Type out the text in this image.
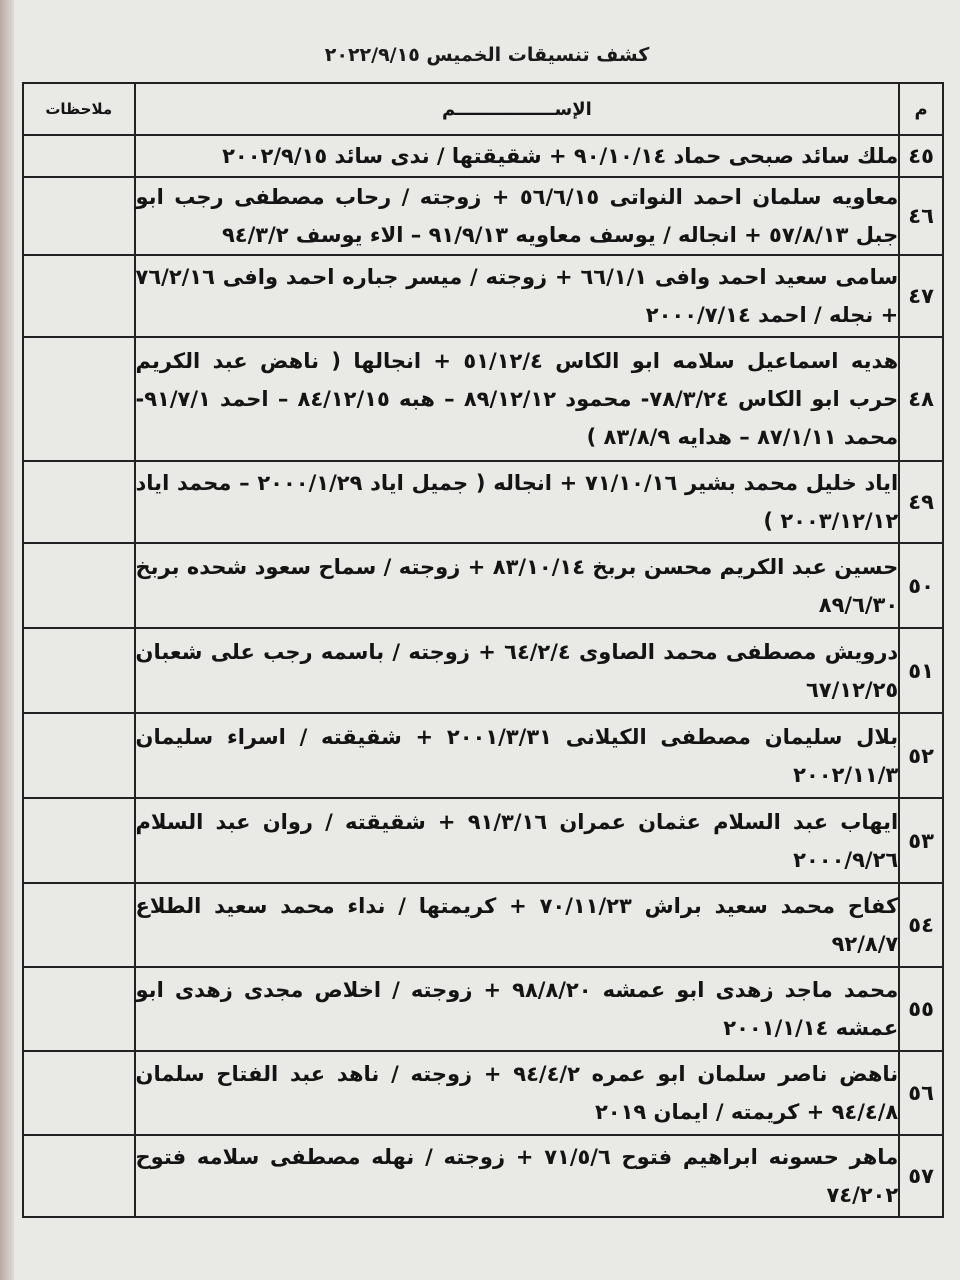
كشف تنسيقات الخميس ٢٠٢٢/٩/١٥
م	الإســــــــــــــــم	ملاحظات
٤٥	ملك سائد صبحى حماد ٩٠/١٠/١٤ + شقيقتها / ندى سائد ٢٠٠٢/٩/١٥	
٤٦	معاويه سلمان احمد النواتى ٥٦/٦/١٥ + زوجته / رحاب مصطفى رجب ابو جبل ٥٧/٨/١٣ + انجاله / يوسف معاويه ٩١/٩/١٣ – الاء يوسف ٩٤/٣/٢	
٤٧	سامى سعيد احمد وافى ٦٦/١/١ + زوجته / ميسر جباره احمد وافى ٧٦/٢/١٦ + نجله / احمد ٢٠٠٠/٧/١٤	
٤٨	هديه اسماعيل سلامه ابو الكاس ٥١/١٢/٤ + انجالها ( ناهض عبد الكريم حرب ابو الكاس ٧٨/٣/٢٤- محمود ٨٩/١٢/١٢ – هبه ٨٤/١٢/١٥ – احمد ٩١/٧/١- محمد ٨٧/١/١١ – هدايه ٨٣/٨/٩ )	
٤٩	اياد خليل محمد بشير ٧١/١٠/١٦ + انجاله ( جميل اياد ٢٠٠٠/١/٢٩ – محمد اياد ٢٠٠٣/١٢/١٢ )	
٥٠	حسين عبد الكريم محسن بربخ ٨٣/١٠/١٤ + زوجته / سماح سعود شحده بربخ ٨٩/٦/٣٠	
٥١	درويش مصطفى محمد الصاوى ٦٤/٢/٤ + زوجته / باسمه رجب على شعبان ٦٧/١٢/٢٥	
٥٢	بلال سليمان مصطفى الكيلانى ٢٠٠١/٣/٣١ + شقيقته / اسراء سليمان ٢٠٠٢/١١/٣	
٥٣	ايهاب عبد السلام عثمان عمران ٩١/٣/١٦ + شقيقته / روان عبد السلام ٢٠٠٠/٩/٢٦	
٥٤	كفاح محمد سعيد براش ٧٠/١١/٢٣ + كريمتها / نداء محمد سعيد الطلاع ٩٢/٨/٧	
٥٥	محمد ماجد زهدى ابو عمشه ٩٨/٨/٢٠ + زوجته / اخلاص مجدى زهدى ابو عمشه ٢٠٠١/١/١٤	
٥٦	ناهض ناصر سلمان ابو عمره ٩٤/٤/٢ + زوجته / ناهد عبد الفتاح سلمان ٩٤/٤/٨ + كريمته / ايمان ٢٠١٩	
٥٧	ماهر حسونه ابراهيم فتوح ٧١/٥/٦ + زوجته / نهله مصطفى سلامه فتوح ٧٤/٢٠٢	
